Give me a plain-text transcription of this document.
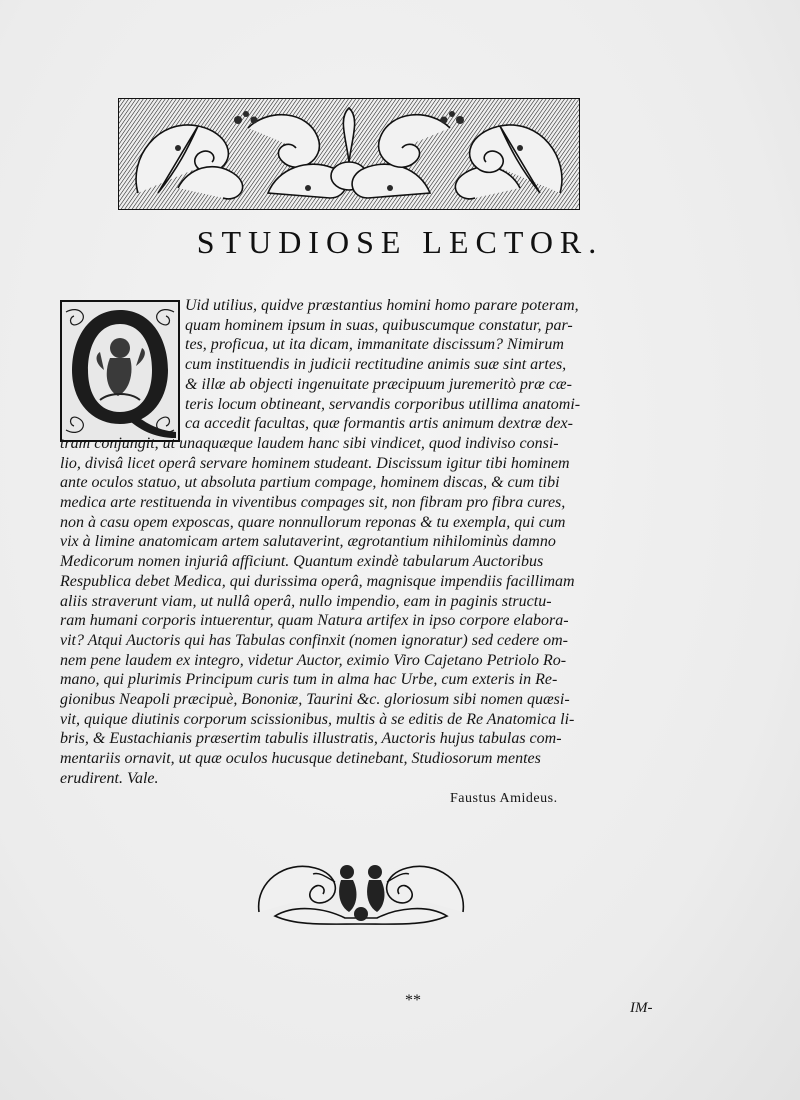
STUDIOSE LECTOR.
Uid utilius, quidve præstantius homini homo parare poteram,
quam hominem ipsum in suas, quibuscumque constatur, par-
tes, proficua, ut ita dicam, immanitate discissum? Nimirum
cum instituendis in judicii rectitudine animis suæ sint artes,
& illæ ab objecti ingenuitate præcipuum juremeritò præ cæ-
teris locum obtineant, servandis corporibus utillima anatomi-
ca accedit facultas, quæ formantis artis animum dextræ dex-
tram conjungit, ut unaquæque laudem hanc sibi vindicet, quod indiviso consi-
lio, divisâ licet operâ servare hominem studeant. Discissum igitur tibi hominem
ante oculos statuo, ut absoluta partium compage, hominem discas, & cum tibi
medica arte restituenda in viventibus compages sit, non fibram pro fibra cures,
non à casu opem exposcas, quare nonnullorum reponas & tu exempla, qui cum
vix à limine anatomicam artem salutaverint, ægrotantium nihilominùs damno
Medicorum nomen injuriâ afficiunt. Quantum exindè tabularum Auctoribus
Respublica debet Medica, qui durissima operâ, magnisque impendiis facillimam
aliis straverunt viam, ut nullâ operâ, nullo impendio, eam in paginis structu-
ram humani corporis intuerentur, quam Natura artifex in ipso corpore elabora-
vit? Atqui Auctoris qui has Tabulas confinxit (nomen ignoratur) sed cedere om-
nem pene laudem ex integro, videtur Auctor, eximio Viro Cajetano Petriolo Ro-
mano, qui plurimis Principum curis tum in alma hac Urbe, cum exteris in Re-
gionibus Neapoli præcipuè, Bononiæ, Taurini &c. gloriosum sibi nomen quæsi-
vit, quique diutinis corporum scissionibus, multis à se editis de Re Anatomica li-
bris, & Eustachianis præsertim tabulis illustratis, Auctoris hujus tabulas com-
mentariis ornavit, ut quæ oculos hucusque detinebant, Studiosorum mentes
erudirent. Vale.
Faustus Amideus.
**	IM-
